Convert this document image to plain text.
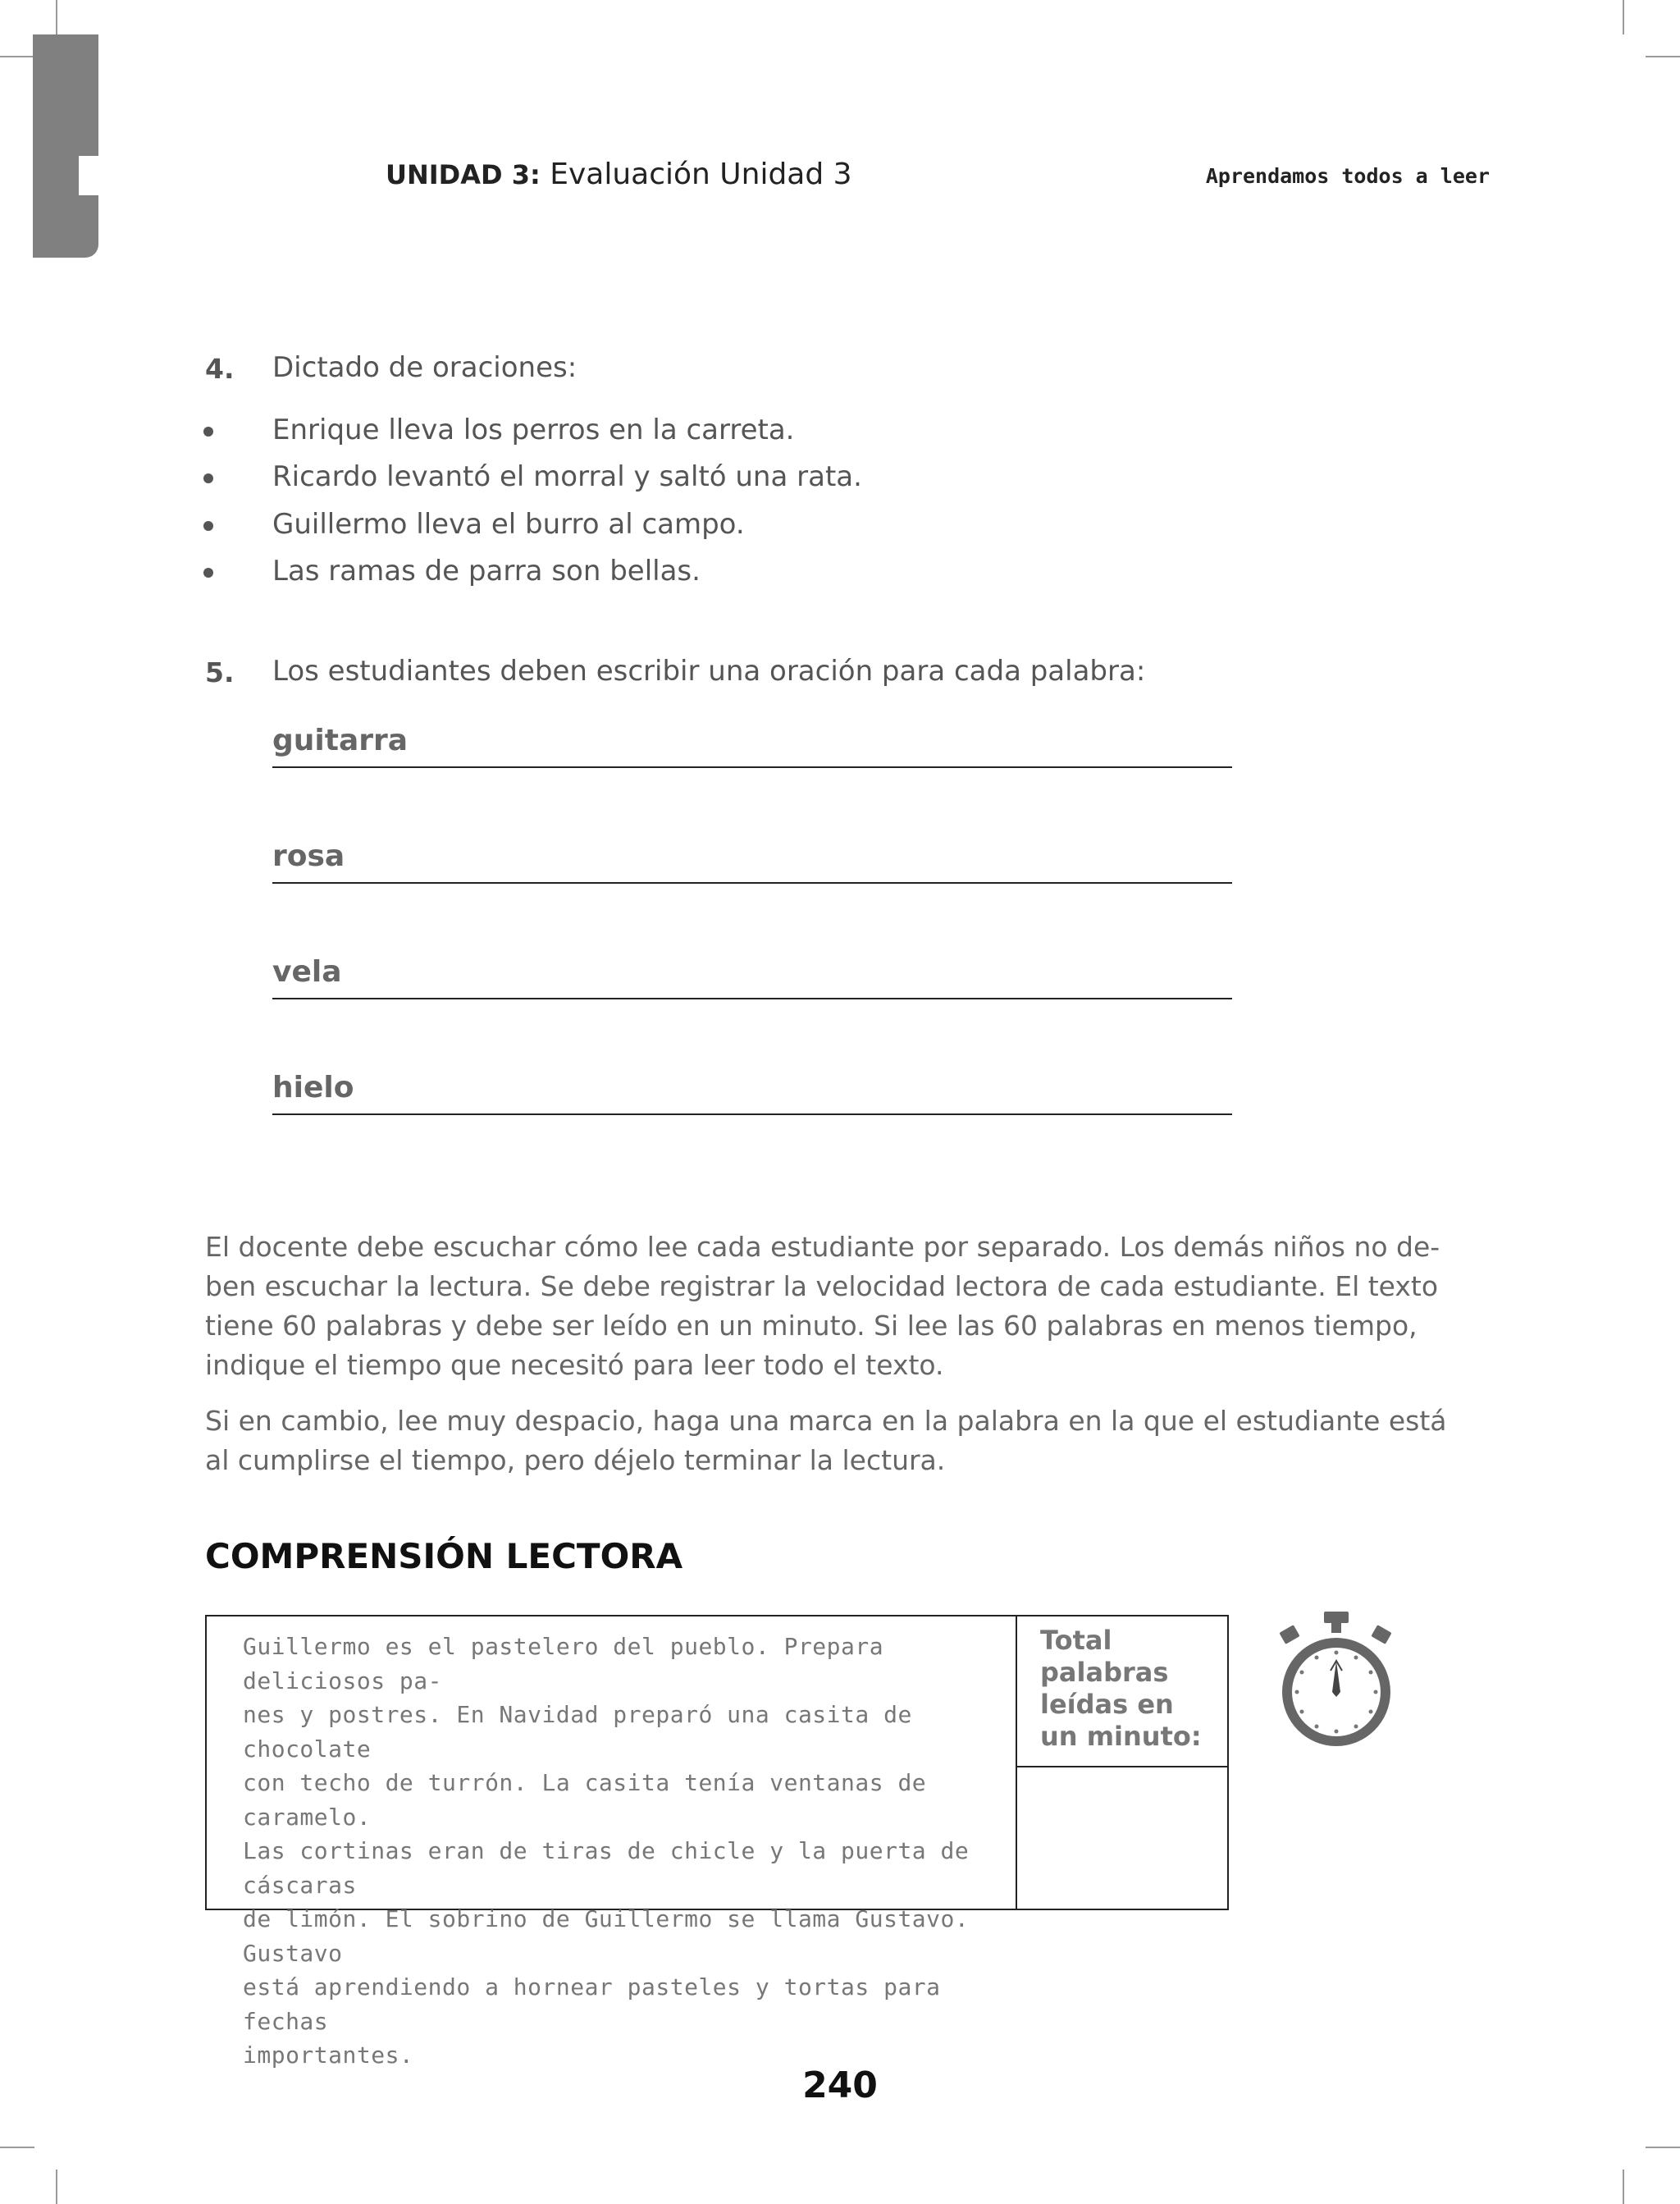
UNIDAD 3: Evaluación Unidad 3	Aprendamos todos a leer
4. Dictado de oraciones:
Enrique lleva los perros en la carreta.
Ricardo levantó el morral y saltó una rata.
Guillermo lleva el burro al campo.
Las ramas de parra son bellas.
5. Los estudiantes deben escribir una oración para cada palabra:
guitarra
rosa
vela
hielo
El docente debe escuchar cómo lee cada estudiante por separado. Los demás niños no de-
ben escuchar la lectura. Se debe registrar la velocidad lectora de cada estudiante. El texto
tiene 60 palabras y debe ser leído en un minuto. Si lee las 60 palabras en menos tiempo,
indique el tiempo que necesitó para leer todo el texto.
Si en cambio, lee muy despacio, haga una marca en la palabra en la que el estudiante está
al cumplirse el tiempo, pero déjelo terminar la lectura.
COMPRENSIÓN LECTORA
Guillermo es el pastelero del pueblo. Prepara deliciosos pa-
nes y postres. En Navidad preparó una casita de chocolate
con techo de turrón. La casita tenía ventanas de caramelo.
Las cortinas eran de tiras de chicle y la puerta de cáscaras
de limón. El sobrino de Guillermo se llama Gustavo. Gustavo
está aprendiendo a hornear pasteles y tortas para fechas
importantes.
Total
palabras
leídas en
un minuto:
240
